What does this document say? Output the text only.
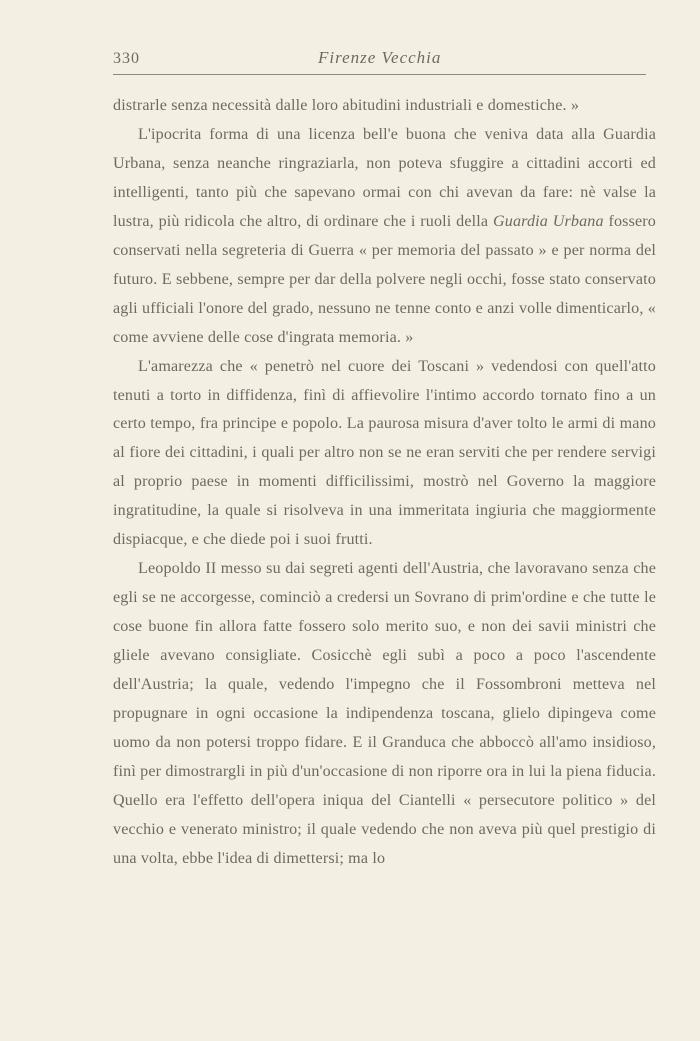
330	Firenze Vecchia

distrarle senza necessità dalle loro abitudini industriali e domestiche. »

L'ipocrita forma di una licenza bell'e buona che veniva data alla Guardia Urbana, senza neanche ringraziarla, non poteva sfuggire a cittadini accorti ed intelligenti, tanto più che sapevano ormai con chi avevan da fare: nè valse la lustra, più ridicola che altro, di ordinare che i ruoli della Guardia Urbana fossero conservati nella segreteria di Guerra « per memoria del passato » e per norma del futuro. E sebbene, sempre per dar della polvere negli occhi, fosse stato conservato agli ufficiali l'onore del grado, nessuno ne tenne conto e anzi volle dimenticarlo, « come avviene delle cose d'ingrata memoria. »

L'amarezza che « penetrò nel cuore dei Toscani » vedendosi con quell'atto tenuti a torto in diffidenza, finì di affievolire l'intimo accordo tornato fino a un certo tempo, fra principe e popolo. La paurosa misura d'aver tolto le armi di mano al fiore dei cittadini, i quali per altro non se ne eran serviti che per rendere servigi al proprio paese in momenti difficilissimi, mostrò nel Governo la maggiore ingratitudine, la quale si risolveva in una immeritata ingiuria che maggiormente dispiacque, e che diede poi i suoi frutti.

Leopoldo II messo su dai segreti agenti dell'Austria, che lavoravano senza che egli se ne accorgesse, cominciò a credersi un Sovrano di prim'ordine e che tutte le cose buone fin allora fatte fossero solo merito suo, e non dei savii ministri che gliele avevano consigliate. Cosicchè egli subì a poco a poco l'ascendente dell'Austria; la quale, vedendo l'impegno che il Fossombroni metteva nel propugnare in ogni occasione la indipendenza toscana, glielo dipingeva come uomo da non potersi troppo fidare. E il Granduca che abboccò all'amo insidioso, finì per dimostrargli in più d'un'occasione di non riporre ora in lui la piena fiducia. Quello era l'effetto dell'opera iniqua del Ciantelli « persecutore politico » del vecchio e venerato ministro; il quale vedendo che non aveva più quel prestigio di una volta, ebbe l'idea di dimettersi; ma lo
